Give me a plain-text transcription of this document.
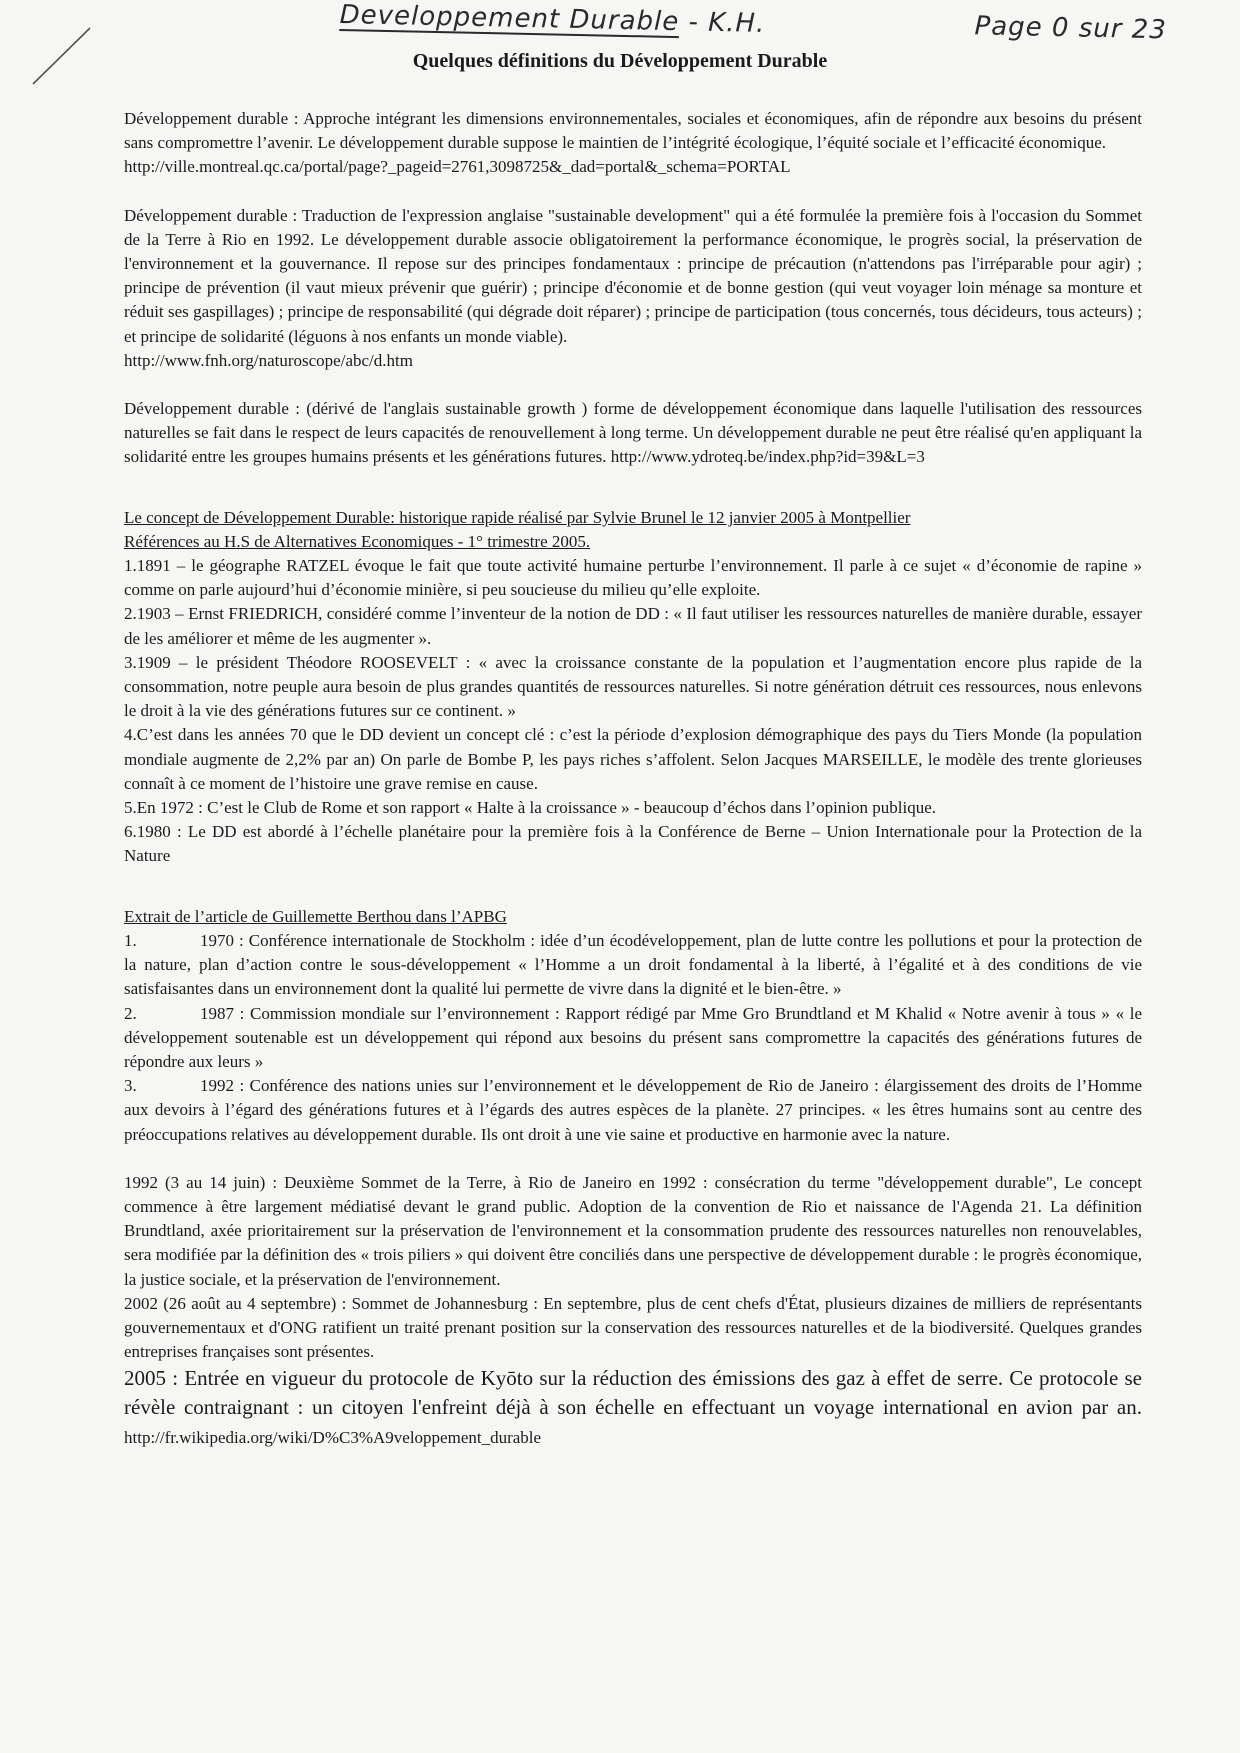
Developpement Durable - K.H.	Page 0 sur 23
Quelques définitions du Développement Durable

Développement durable : Approche intégrant les dimensions environnementales, sociales et économiques, afin de répondre aux besoins du présent sans compromettre l’avenir. Le développement durable suppose le maintien de l’intégrité écologique, l’équité sociale et l’efficacité économique.
http://ville.montreal.qc.ca/portal/page?_pageid=2761,3098725&_dad=portal&_schema=PORTAL

Développement durable : Traduction de l'expression anglaise "sustainable development" qui a été formulée la première fois à l'occasion du Sommet de la Terre à Rio en 1992. Le développement durable associe obligatoirement la performance économique, le progrès social, la préservation de l'environnement et la gouvernance. Il repose sur des principes fondamentaux : principe de précaution (n'attendons pas l'irréparable pour agir) ; principe de prévention (il vaut mieux prévenir que guérir) ; principe d'économie et de bonne gestion (qui veut voyager loin ménage sa monture et réduit ses gaspillages) ; principe de responsabilité (qui dégrade doit réparer) ; principe de participation (tous concernés, tous décideurs, tous acteurs) ; et principe de solidarité (léguons à nos enfants un monde viable).
http://www.fnh.org/naturoscope/abc/d.htm

Développement durable : (dérivé de l'anglais sustainable growth ) forme de développement économique dans laquelle l'utilisation des ressources naturelles se fait dans le respect de leurs capacités de renouvellement à long terme. Un développement durable ne peut être réalisé qu'en appliquant la solidarité entre les groupes humains présents et les générations futures. http://www.ydroteq.be/index.php?id=39&L=3

Le concept de Développement Durable: historique rapide réalisé par Sylvie Brunel le 12 janvier 2005 à Montpellier
Références au H.S de Alternatives Economiques - 1° trimestre 2005.

1.1891 – le géographe RATZEL évoque le fait que toute activité humaine perturbe l’environnement. Il parle à ce sujet « d’économie de rapine » comme on parle aujourd’hui d’économie minière, si peu soucieuse du milieu qu’elle exploite.

2.1903 – Ernst FRIEDRICH, considéré comme l’inventeur de la notion de DD : « Il faut utiliser les ressources naturelles de manière durable, essayer de les améliorer et même de les augmenter ».

3.1909 – le président Théodore ROOSEVELT : « avec la croissance constante de la population et l’augmentation encore plus rapide de la consommation, notre peuple aura besoin de plus grandes quantités de ressources naturelles. Si notre génération détruit ces ressources, nous enlevons le droit à la vie des générations futures sur ce continent. »

4.C’est dans les années 70 que le DD devient un concept clé : c’est la période d’explosion démographique des pays du Tiers Monde (la population mondiale augmente de 2,2% par an) On parle de Bombe P, les pays riches s’affolent. Selon Jacques MARSEILLE, le modèle des trente glorieuses connaît à ce moment de l’histoire une grave remise en cause.

5.En 1972 : C’est le Club de Rome et son rapport « Halte à la croissance » - beaucoup d’échos dans l’opinion publique.

6.1980 : Le DD est abordé à l’échelle planétaire pour la première fois à la Conférence de Berne – Union Internationale pour la Protection de la Nature

Extrait de l’article de Guillemette Berthou dans l’APBG

1.	1970 : Conférence internationale de Stockholm : idée d’un écodéveloppement, plan de lutte contre les pollutions et pour la protection de la nature, plan d’action contre le sous-développement « l’Homme a un droit fondamental à la liberté, à l’égalité et à des conditions de vie satisfaisantes dans un environnement dont la qualité lui permette de vivre dans la dignité et le bien-être. »

2.	1987 : Commission mondiale sur l’environnement : Rapport rédigé par Mme Gro Brundtland et M Khalid « Notre avenir à tous » « le développement soutenable est un développement qui répond aux besoins du présent sans compromettre la capacités des générations futures de répondre aux leurs »

3.	1992 : Conférence des nations unies sur l’environnement et le développement de Rio de Janeiro : élargissement des droits de l’Homme aux devoirs à l’égard des générations futures et à l’égards des autres espèces de la planète. 27 principes. « les êtres humains sont au centre des préoccupations relatives au développement durable. Ils ont droit à une vie saine et productive en harmonie avec la nature.

1992 (3 au 14 juin) : Deuxième Sommet de la Terre, à Rio de Janeiro en 1992 : consécration du terme "développement durable", Le concept commence à être largement médiatisé devant le grand public. Adoption de la convention de Rio et naissance de l'Agenda 21. La définition Brundtland, axée prioritairement sur la préservation de l'environnement et la consommation prudente des ressources naturelles non renouvelables, sera modifiée par la définition des « trois piliers » qui doivent être conciliés dans une perspective de développement durable : le progrès économique, la justice sociale, et la préservation de l'environnement.

2002 (26 août au 4 septembre) : Sommet de Johannesburg : En septembre, plus de cent chefs d'État, plusieurs dizaines de milliers de représentants gouvernementaux et d'ONG ratifient un traité prenant position sur la conservation des ressources naturelles et de la biodiversité. Quelques grandes entreprises françaises sont présentes.

2005 : Entrée en vigueur du protocole de Kyōto sur la réduction des émissions des gaz à effet de serre. Ce protocole se révèle contraignant : un citoyen l'enfreint déjà à son échelle en effectuant un voyage international en avion par an. http://fr.wikipedia.org/wiki/D%C3%A9veloppement_durable
